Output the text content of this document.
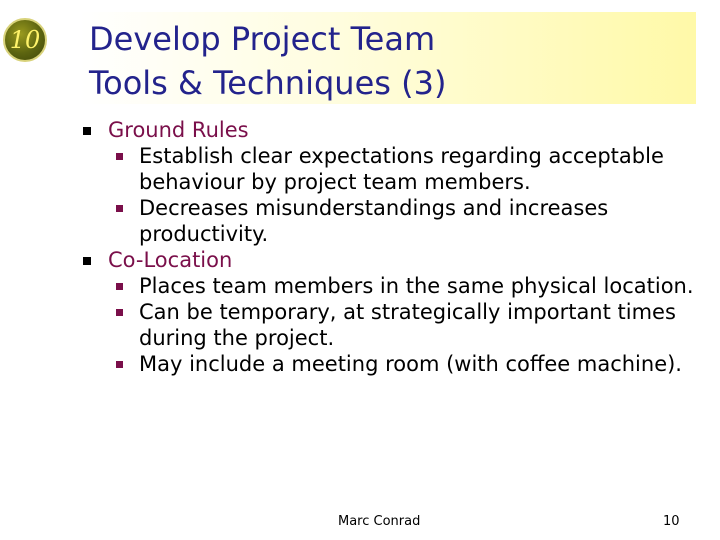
10 Develop Project Team
Tools & Techniques (3)
Ground Rules
Establish clear expectations regarding acceptable
behaviour by project team members.
Decreases misunderstandings and increases
productivity.
Co-Location
Places team members in the same physical location.
Can be temporary, at strategically important times
during the project.
May include a meeting room (with coffee machine).
Marc Conrad	10
